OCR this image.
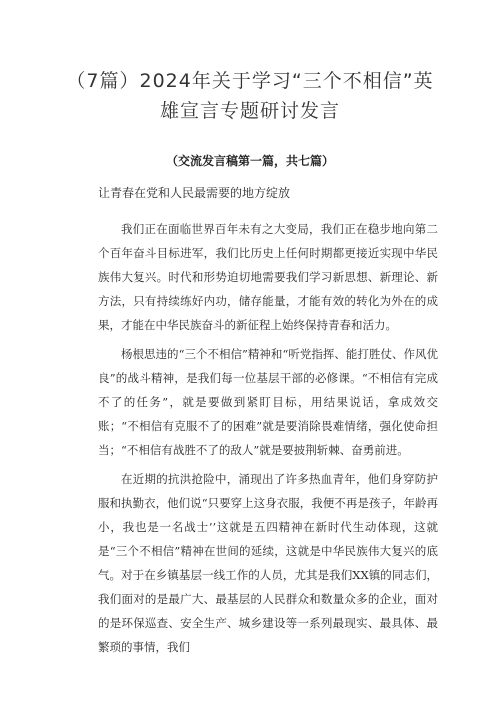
（7篇）2024年关于学习“三个不相信”英
雄宣言专题研讨发言
（交流发言稿第一篇，共七篇）
让青春在党和人民最需要的地方绽放

我们正在面临世界百年未有之大变局，我们正在稳步地向第二个百年奋斗目标进军，我们比历史上任何时期都更接近实现中华民族伟大复兴。时代和形势迫切地需要我们学习新思想、新理论、新方法，只有持续练好内功，储存能量，才能有效的转化为外在的成果，才能在中华民族奋斗的新征程上始终保持青春和活力。

杨根思违的“三个不相信”精神和“听党指挥、能打胜仗、作风优良”的战斗精神，是我们每一位基层干部的必修课。“不相信有完成不了的任务”，就是要做到紧盯目标，用结果说话，拿成效交账；“不相信有克服不了的困难”就是要消除畏难情绪，强化使命担当；“不相信有战胜不了的敌人”就是要披荆斩棘、奋勇前进。

在近期的抗洪抢险中，涌现出了许多热血青年，他们身穿防护服和执勤衣，他们说“只要穿上这身衣服，我便不再是孩子，年龄再小，我也是一名战士’’这就是五四精神在新时代生动体现，这就是“三个不相信”精神在世间的延续，这就是中华民族伟大复兴的底气。对于在乡镇基层一线工作的人员，尤其是我们XX镇的同志们，我们面对的是最广大、最基层的人民群众和数量众多的企业，面对的是环保巡查、安全生产、城乡建设等一系列最现实、最具体、最繁琐的事情，我们
